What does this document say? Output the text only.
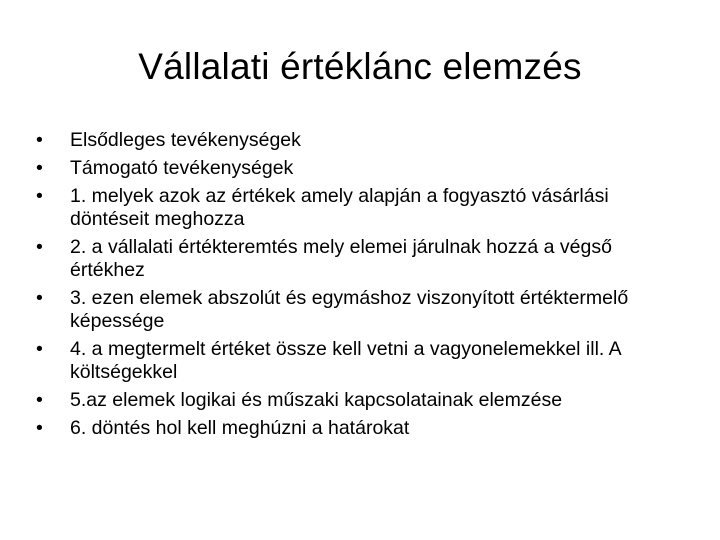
Vállalati értéklánc elemzés
•	Elsődleges tevékenységek
•	Támogató tevékenységek
•	1. melyek azok az értékek amely alapján a fogyasztó vásárlási döntéseit meghozza
•	2. a vállalati értékteremtés mely elemei járulnak hozzá a végső értékhez
•	3. ezen elemek abszolút és egymáshoz viszonyított értéktermelő képessége
•	4. a megtermelt értéket össze kell vetni a vagyonelemekkel ill. A költségekkel
•	5.az elemek logikai és műszaki kapcsolatainak elemzése
•	6. döntés hol kell meghúzni a határokat
